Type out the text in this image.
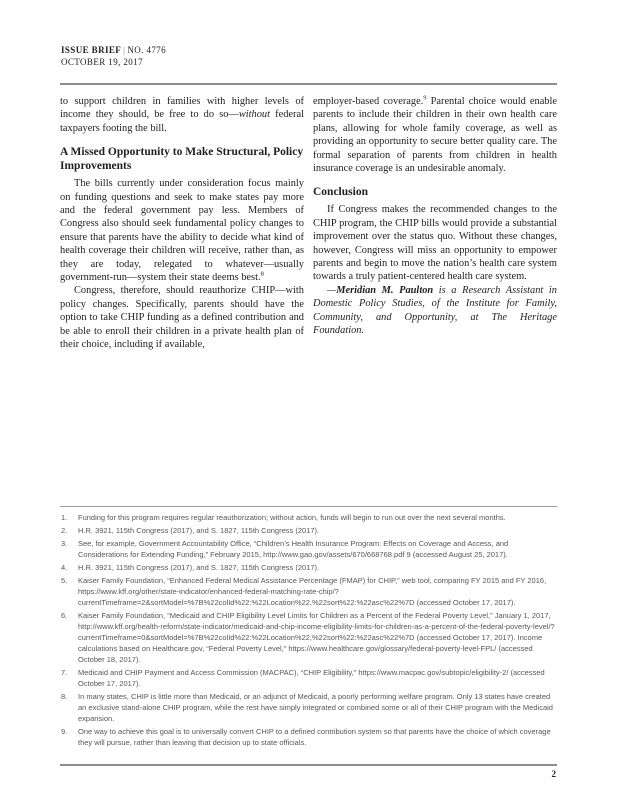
ISSUE BRIEF | NO. 4776
OCTOBER 19, 2017

to support children in families with higher levels of income they should, be free to do so—without federal taxpayers footing the bill.

A Missed Opportunity to Make Structural, Policy Improvements

The bills currently under consideration focus mainly on funding questions and seek to make states pay more and the federal government pay less. Members of Congress also should seek fundamental policy changes to ensure that parents have the ability to decide what kind of health coverage their children will receive, rather than, as they are today, relegated to whatever—usually government-run—system their state deems best.$^8$

Congress, therefore, should reauthorize CHIP—with policy changes. Specifically, parents should have the option to take CHIP funding as a defined contribution and be able to enroll their children in a private health plan of their choice, including if available,

employer-based coverage.$^9$ Parental choice would enable parents to include their children in their own health care plans, allowing for whole family coverage, as well as providing an opportunity to secure better quality care. The formal separation of parents from children in health insurance coverage is an undesirable anomaly.

Conclusion

If Congress makes the recommended changes to the CHIP program, the CHIP bills would provide a substantial improvement over the status quo. Without these changes, however, Congress will miss an opportunity to empower parents and begin to move the nation’s health care system towards a truly patient-centered health care system.

—Meridian M. Paulton is a Research Assistant in Domestic Policy Studies, of the Institute for Family, Community, and Opportunity, at The Heritage Foundation.

1.	Funding for this program requires regular reauthorization; without action, funds will begin to run out over the next several months.
2.	H.R. 3921, 115th Congress (2017), and S. 1827, 115th Congress (2017).
3.	See, for example, Government Accountability Office, “Children’s Health Insurance Program: Effects on Coverage and Access, and Considerations for Extending Funding,” February 2015, http://www.gao.gov/assets/670/668768.pdf 9 (accessed August 25, 2017).
4.	H.R. 3921, 115th Congress (2017), and S. 1827, 115th Congress (2017).
5.	Kaiser Family Foundation, “Enhanced Federal Medical Assistance Percentage (FMAP) for CHIP,” web tool, comparing FY 2015 and FY 2016, https://www.kff.org/other/state-indicator/enhanced-federal-matching-rate-chip/?currentTimeframe=2&sortModel=%7B%22colId%22:%22Location%22,%22sort%22:%22asc%22%7D (accessed October 17, 2017).
6.	Kaiser Family Foundation, “Medicaid and CHIP Eligibility Level Limits for Children as a Percent of the Federal Poverty Level,” January 1, 2017, http://www.kff.org/health-reform/state-indicator/medicaid-and-chip-income-eligibility-limits-for-children-as-a-percent-of-the-federal-poverty-level/?currentTimeframe=0&sortModel=%7B%22colId%22:%22Location%22,%22sort%22:%22asc%22%7D (accessed October 17, 2017). Income calculations based on Healthcare.gov, “Federal Poverty Level,” https://www.healthcare.gov/glossary/federal-poverty-level-FPL/ (accessed October 18, 2017).
7.	Medicaid and CHIP Payment and Access Commission (MACPAC), “CHIP Eligibility,” https://www.macpac.gov/subtopic/eligibility-2/ (accessed October 17, 2017).
8.	In many states, CHIP is little more than Medicaid, or an adjunct of Medicaid, a poorly performing welfare program. Only 13 states have created an exclusive stand-alone CHIP program, while the rest have simply integrated or combined some or all of their CHIP program with the Medicaid expansion.
9.	One way to achieve this goal is to universally convert CHIP to a defined contribution system so that parents have the choice of which coverage they will pursue, rather than leaving that decision up to state officials.
2
